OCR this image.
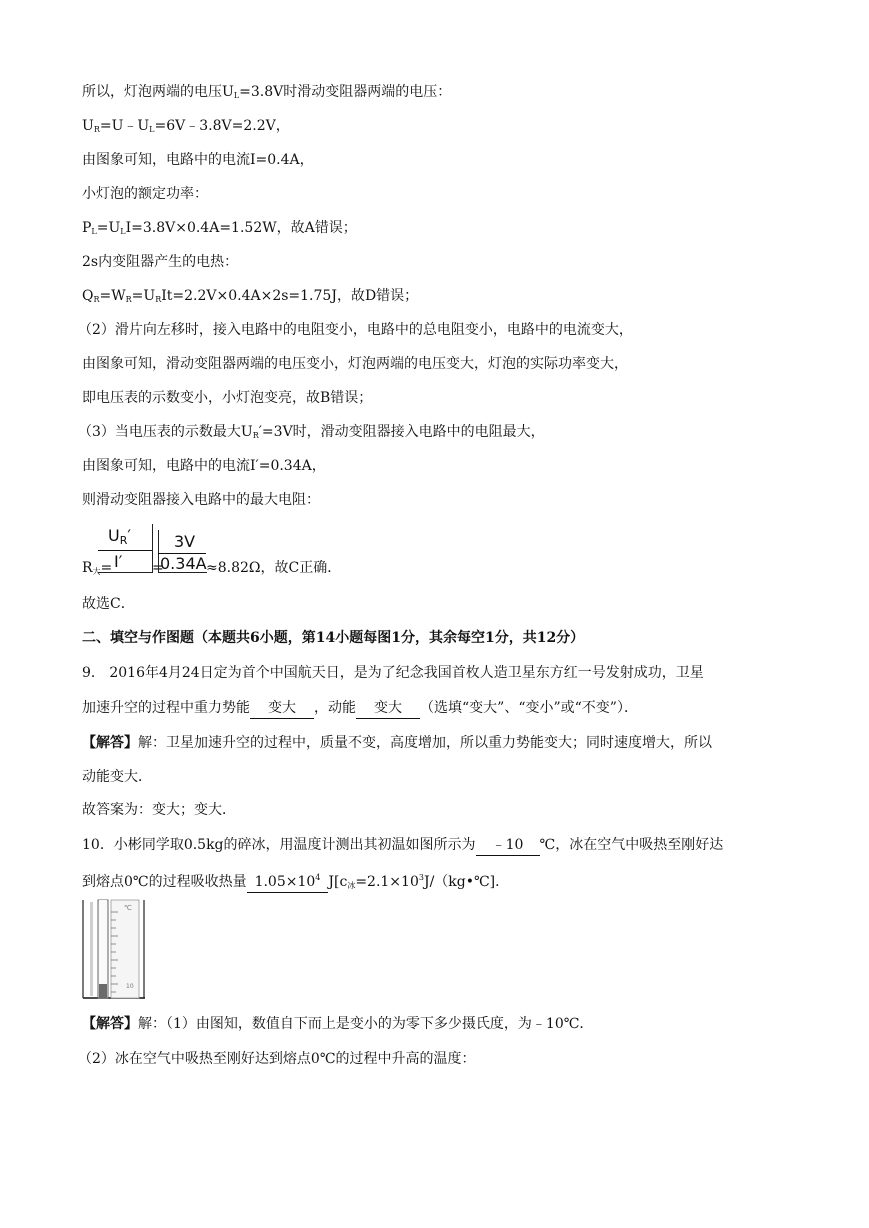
所以，灯泡两端的电压$U_L=3.8V$时滑动变阻器两端的电压：
$U_R=U﹣U_L=6V﹣3.8V=2.2V$，
由图象可知，电路中的电流I=0.4A，
小灯泡的额定功率：
$P_L=U_LI=3.8V\times 0.4A=1.52W$，故A错误；
2s内变阻器产生的电热：
$Q_R=W_R=U_RIt=2.2V\times 0.4A\times 2s=1.75J$，故D错误；
（2）滑片向左移时，接入电路中的电阻变小，电路中的总电阻变小，电路中的电流变大，
由图象可知，滑动变阻器两端的电压变小，灯泡两端的电压变大，灯泡的实际功率变大，
即电压表的示数变小，小灯泡变亮，故B错误；
（3）当电压表的示数最大$U_R'=3V$时，滑动变阻器接入电路中的电阻最大，
由图象可知，电路中的电流I′=0.34A，
则滑动变阻器接入电路中的最大电阻：
$R_大=$
UR′
I′ =
3V
0.34A ≈8.82Ω，故C正确．
故选C．
二、填空与作图题（本题共6小题，第14小题每图1分，其余每空1分，共12分）
9． 2016年4月24日定为首个中国航天日，是为了纪念我国首枚人造卫星东方红一号发射成功，卫星
加速升空的过程中重力势能 变大 ，动能 变大 （选填“变大”、“变小”或“不变”）．
【解答】解：卫星加速升空的过程中，质量不变，高度增加，所以重力势能变大；同时速度增大，所以
动能变大．
故答案为：变大；变大．
10．小彬同学取0.5kg的碎冰，用温度计测出其初温如图所示为 ﹣10 ℃，冰在空气中吸热至刚好达
到熔点0℃的过程吸收热量 $1.05\times 10^4$ $J[c_冰=2.1\times 10^3J/(kg•℃]$．
℃
10
【解答】解：（1）由图知，数值自下而上是变小的为零下多少摄氏度，为﹣10℃．
（2）冰在空气中吸热至刚好达到熔点0℃的过程中升高的温度：
